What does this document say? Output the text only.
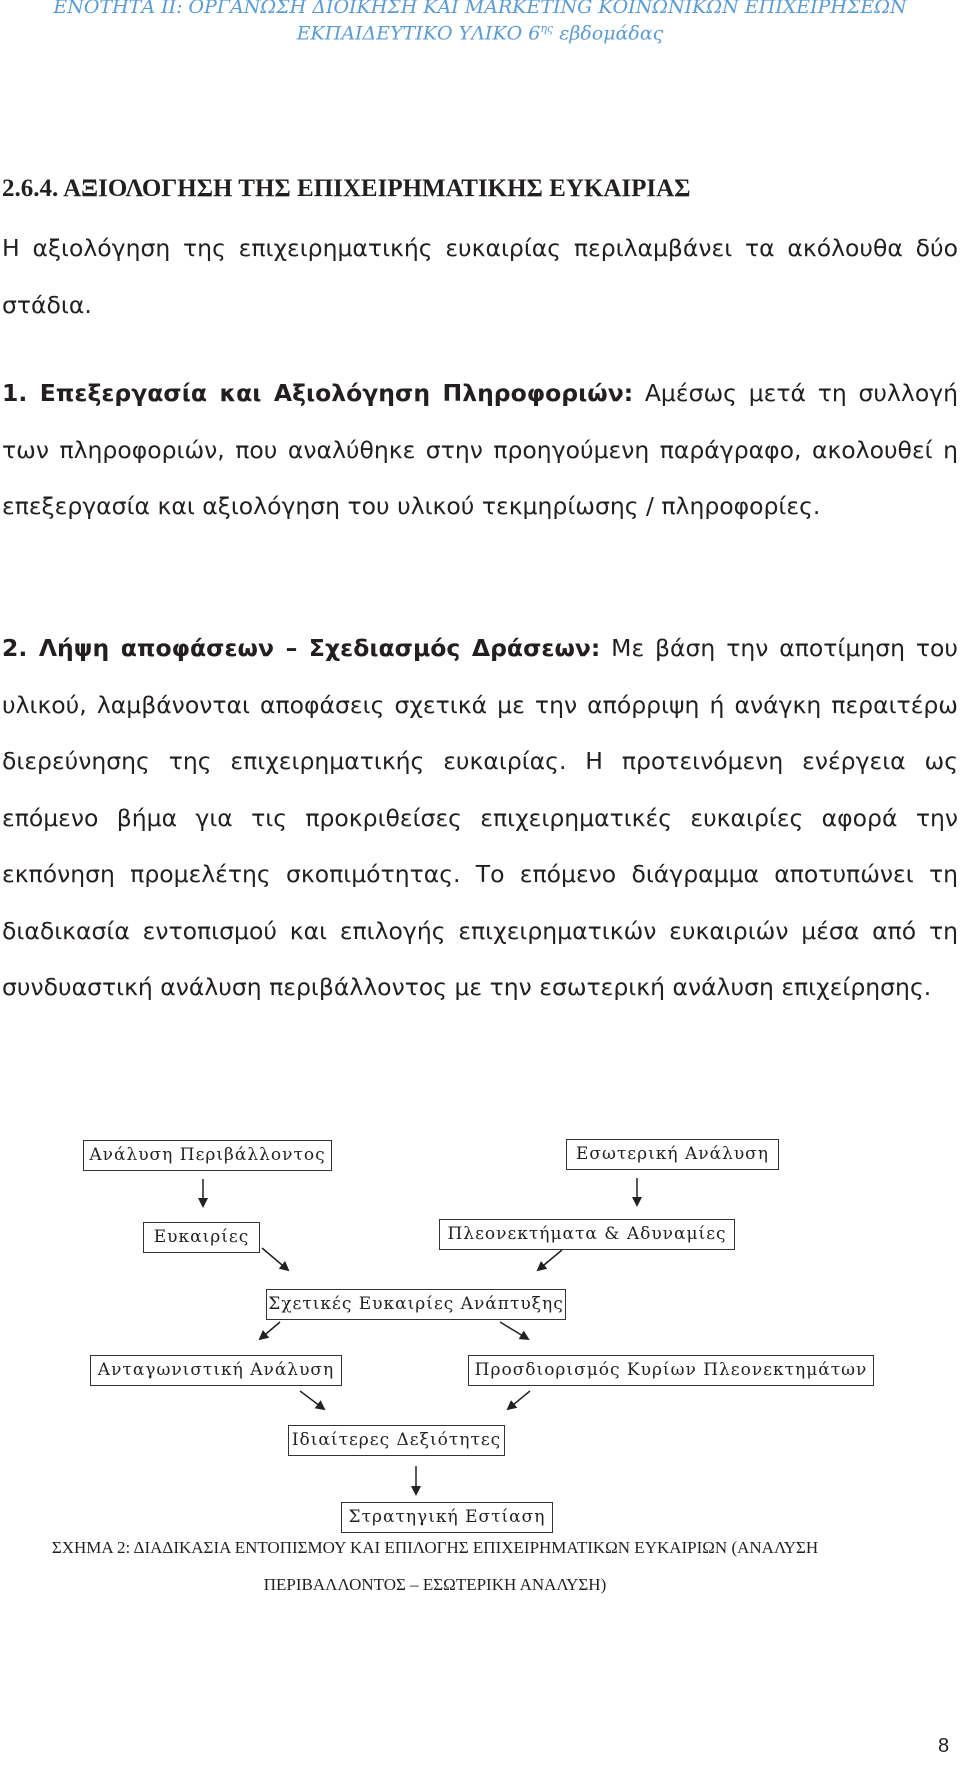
ΕΝΟΤΗΤΑ ΙΙ: ΟΡΓΑΝΩΣΗ ΔΙΟΙΚΗΣΗ ΚΑΙ MARKETING ΚΟΙΝΩΝΙΚΩΝ ΕΠΙΧΕΙΡΗΣΕΩΝ
ΕΚΠΑΙΔΕΥΤΙΚΟ ΥΛΙΚΟ $6^{\eta\varsigma}$ εβδομάδας
2.6.4. ΑΞΙΟΛΟΓΗΣΗ ΤΗΣ ΕΠΙΧΕΙΡΗΜΑΤΙΚΗΣ ΕΥΚΑΙΡΙΑΣ

Η αξιολόγηση της επιχειρηματικής ευκαιρίας περιλαμβάνει τα ακόλουθα δύο στάδια.

1. Επεξεργασία και Αξιολόγηση Πληροφοριών: Αμέσως μετά τη συλλογή των πληροφοριών, που αναλύθηκε στην προηγούμενη παράγραφο, ακολουθεί η επεξεργασία και αξιολόγηση του υλικού τεκμηρίωσης / πληροφορίες.

2. Λήψη αποφάσεων – Σχεδιασμός Δράσεων: Με βάση την αποτίμηση του υλικού, λαμβάνονται αποφάσεις σχετικά με την απόρριψη ή ανάγκη περαιτέρω διερεύνησης της επιχειρηματικής ευκαιρίας. Η προτεινόμενη ενέργεια ως επόμενο βήμα για τις προκριθείσες επιχειρηματικές ευκαιρίες αφορά την εκπόνηση προμελέτης σκοπιμότητας. Το επόμενο διάγραμμα αποτυπώνει τη διαδικασία εντοπισμού και επιλογής επιχειρηματικών ευκαιριών μέσα από τη συνδυαστική ανάλυση περιβάλλοντος με την εσωτερική ανάλυση επιχείρησης.

Ανάλυση Περιβάλλοντος	Εσωτερική Ανάλυση
Ευκαιρίες	Πλεονεκτήματα & Αδυναμίες
Σχετικές Ευκαιρίες Ανάπτυξης
Ανταγωνιστική Ανάλυση	Προσδιορισμός Κυρίων Πλεονεκτημάτων
Ιδιαίτερες Δεξιότητες
Στρατηγική Εστίαση
ΣΧΗΜΑ 2: ΔΙΑΔΙΚΑΣΙΑ ΕΝΤΟΠΙΣΜΟΥ ΚΑΙ ΕΠΙΛΟΓΗΣ ΕΠΙΧΕΙΡΗΜΑΤΙΚΩΝ ΕΥΚΑΙΡΙΩΝ (ΑΝΑΛΥΣΗ
ΠΕΡΙΒΑΛΛΟΝΤΟΣ – ΕΣΩΤΕΡΙΚΗ ΑΝΑΛΥΣΗ)
8
